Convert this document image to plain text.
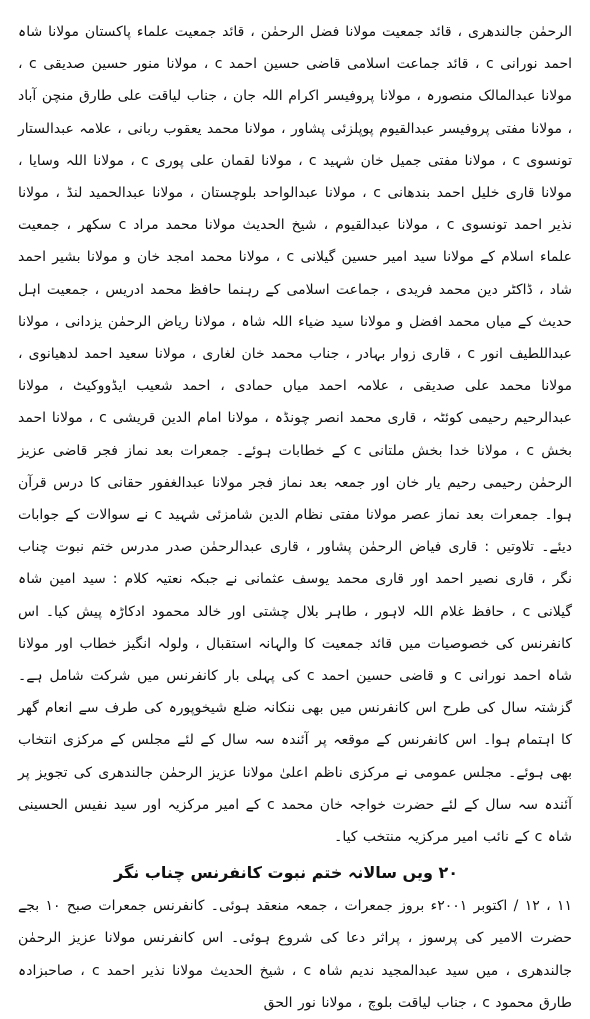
الرحمٰن جالندھری ، قائد جمعیت مولانا فضل الرحمٰن ، قائد جمعیت علماء پاکستان مولانا شاہ احمد نورانی c ، قائد جماعت اسلامی قاضی حسین احمد c ، مولانا منور حسین صدیقی c ، مولانا عبدالمالک منصورہ ، مولانا پروفیسر اکرام اللہ جان ، جناب لیاقت علی طارق منچن آباد ، مولانا مفتی پروفیسر عبدالقیوم پوپلزئی پشاور ، مولانا محمد یعقوب ربانی ، علامہ عبدالستار تونسوی c ، مولانا مفتی جمیل خان شہید c ، مولانا لقمان علی پوری c ، مولانا اللہ وسایا ، مولانا قاری خلیل احمد بندھانی c ، مولانا عبدالواحد بلوچستان ، مولانا عبدالحمید لنڈ ، مولانا نذیر احمد تونسوی c ، مولانا عبدالقیوم ، شیخ الحدیث مولانا محمد مراد c سکھر ، جمعیت علماء اسلام کے مولانا سید امیر حسین گیلانی c ، مولانا محمد امجد خان و مولانا بشیر احمد شاد ، ڈاکٹر دین محمد فریدی ، جماعت اسلامی کے رہنما حافظ محمد ادریس ، جمعیت اہل حدیث کے میاں محمد افضل و مولانا سید ضیاء اللہ شاہ ، مولانا ریاض الرحمٰن یزدانی ، مولانا عبداللطیف انور c ، قاری زوار بہادر ، جناب محمد خان لغاری ، مولانا سعید احمد لدھیانوی ، مولانا محمد علی صدیقی ، علامہ احمد میاں حمادی ، احمد شعیب ایڈووکیٹ ، مولانا عبدالرحیم رحیمی کوئٹہ ، قاری محمد انصر چونڈہ ، مولانا امام الدین قریشی c ، مولانا احمد بخش c ، مولانا خدا بخش ملتانی c کے خطابات ہوئے۔ جمعرات بعد نماز فجر قاضی عزیز الرحمٰن رحیمی رحیم یار خان اور جمعہ بعد نماز فجر مولانا عبدالغفور حقانی کا درس قرآن ہوا۔ جمعرات بعد نماز عصر مولانا مفتی نظام الدین شامزئی شہید c نے سوالات کے جوابات دیئے۔ تلاوتیں : قاری فیاض الرحمٰن پشاور ، قاری عبدالرحمٰن صدر مدرس ختم نبوت چناب نگر ، قاری نصیر احمد اور قاری محمد یوسف عثمانی نے جبکہ نعتیہ کلام : سید امین شاہ گیلانی c ، حافظ غلام اللہ لاہور ، طاہر بلال چشتی اور خالد محمود ادکاڑہ پیش کیا۔ اس کانفرنس کی خصوصیات میں قائد جمعیت کا والہانہ استقبال ، ولولہ انگیز خطاب اور مولانا شاہ احمد نورانی c و قاضی حسین احمد c کی پہلی بار کانفرنس میں شرکت شامل ہے۔ گزشتہ سال کی طرح اس کانفرنس میں بھی ننکانہ ضلع شیخوپورہ کی طرف سے انعام گھر کا اہتمام ہوا۔ اس کانفرنس کے موقعہ پر آئندہ سہ سال کے لئے مجلس کے مرکزی انتخاب بھی ہوئے۔ مجلس عمومی نے مرکزی ناظم اعلیٰ مولانا عزیز الرحمٰن جالندھری کی تجویز پر آئندہ سہ سال کے لئے حضرت خواجہ خان محمد c کے امیر مرکزیہ اور سید نفیس الحسینی شاہ c کے نائب امیر مرکزیہ منتخب کیا۔

۲۰ ویں سالانہ ختم نبوت کانفرنس چناب نگر

۱۱ ، ۱۲ / اکتوبر ۲۰۰۱ء بروز جمعرات ، جمعہ منعقد ہوئی۔ کانفرنس جمعرات صبح ۱۰ بجے حضرت الامیر کی پرسوز ، پراثر دعا کی شروع ہوئی۔ اس کانفرنس مولانا عزیز الرحمٰن جالندھری ، میں سید عبدالمجید ندیم شاہ c ، شیخ الحدیث مولانا نذیر احمد c ، صاحبزادہ طارق محمود c ، جناب لیاقت بلوچ ، مولانا نور الحق
